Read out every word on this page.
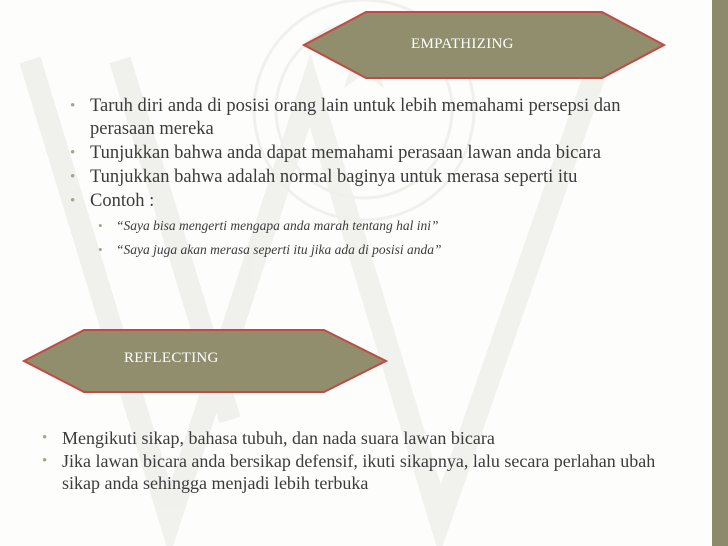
EMPATHIZING
• Taruh diri anda di posisi orang lain untuk lebih memahami persepsi dan perasaan mereka
• Tunjukkan bahwa anda dapat memahami perasaan lawan anda bicara
• Tunjukkan bahwa adalah normal baginya untuk merasa seperti itu
• Contoh :
• “Saya bisa mengerti mengapa anda marah tentang hal ini”
• “Saya juga akan merasa seperti itu jika ada di posisi anda”
REFLECTING
• Mengikuti sikap, bahasa tubuh, dan nada suara lawan bicara
• Jika lawan bicara anda bersikap defensif, ikuti sikapnya, lalu secara perlahan ubah sikap anda sehingga menjadi lebih terbuka
